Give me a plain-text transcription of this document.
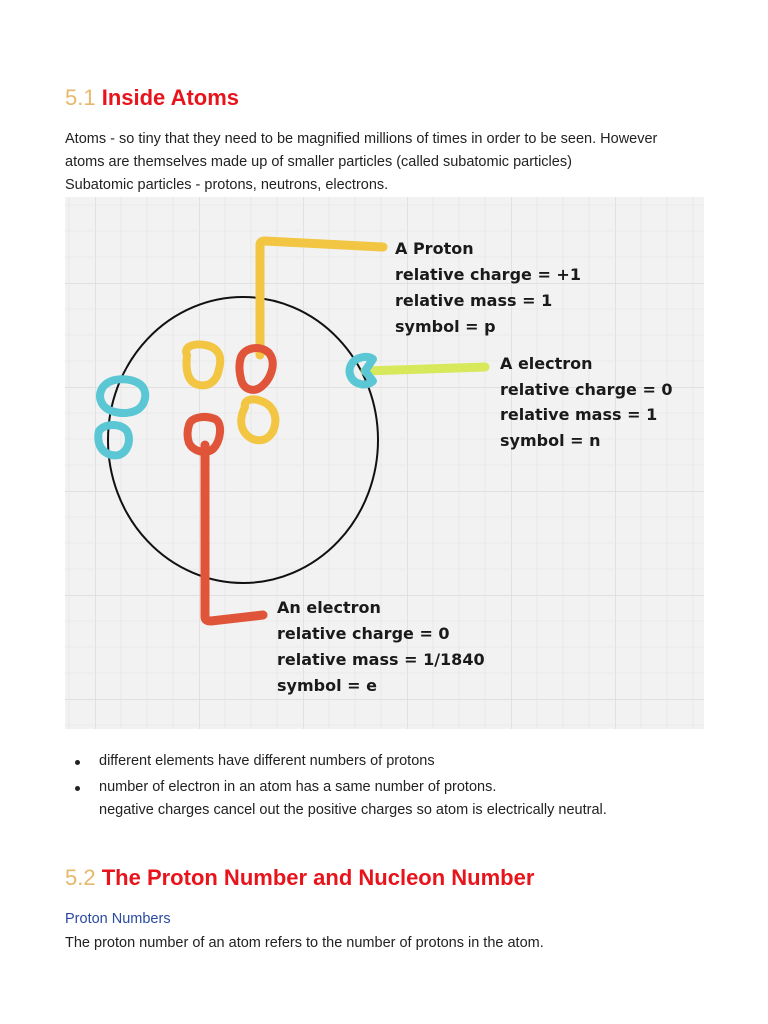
5.1 Inside Atoms

Atoms - so tiny that they need to be magnified millions of times in order to be seen. However
atoms are themselves made up of smaller particles (called subatomic particles)
Subatomic particles - protons, neutrons, electrons.

A Proton
relative charge = +1
relative mass = 1
symbol = p
A electron
relative charge = 0
relative mass = 1
symbol = n
An electron
relative charge = 0
relative mass = 1/1840
symbol = e
different elements have different numbers of protons
number of electron in an atom has a same number of protons.
negative charges cancel out the positive charges so atom is electrically neutral.
5.2 The Proton Number and Nucleon Number

Proton Numbers

The proton number of an atom refers to the number of protons in the atom.
